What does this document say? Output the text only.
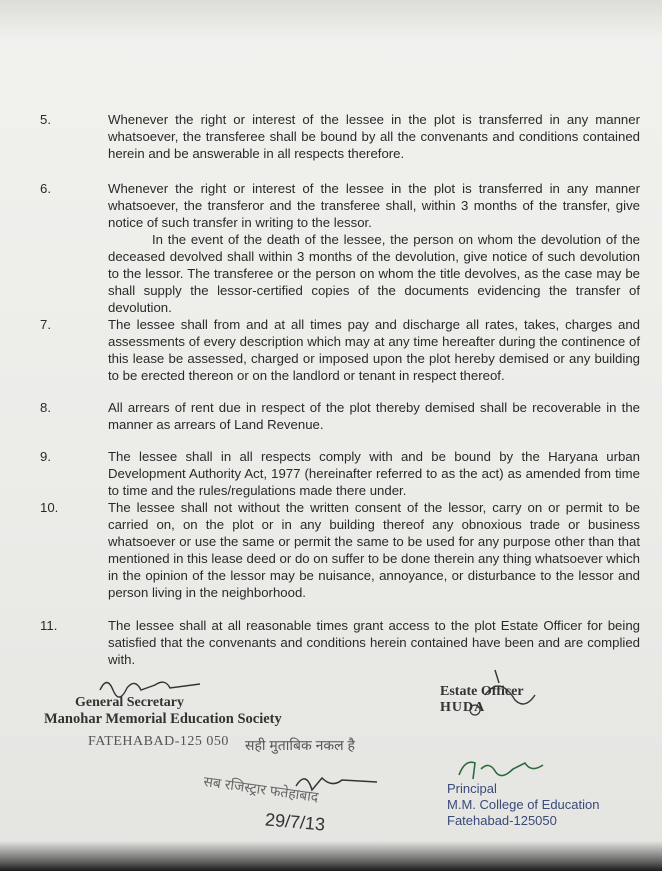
5.	Whenever the right or interest of the lessee in the plot is transferred in any manner whatsoever, the transferee shall be bound by all the convenants and conditions contained herein and be answerable in all respects therefore.

6.	Whenever the right or interest of the lessee in the plot is transferred in any manner whatsoever, the transferor and the transferee shall, within 3 months of the transfer, give notice of such transfer in writing to the lessor.

In the event of the death of the lessee, the person on whom the devolution of the deceased devolved shall within 3 months of the devolution, give notice of such devolution to the lessor. The transferee or the person on whom the title devolves, as the case may be shall supply the lessor-certified copies of the documents evidencing the transfer of devolution.

7.	The lessee shall from and at all times pay and discharge all rates, takes, charges and assessments of every description which may at any time hereafter during the continence of this lease be assessed, charged or imposed upon the plot hereby demised or any building to be erected thereon or on the landlord or tenant in respect thereof.

8.	All arrears of rent due in respect of the plot thereby demised shall be recoverable in the manner as arrears of Land Revenue.

9.	The lessee shall in all respects comply with and be bound by the Haryana urban Development Authority Act, 1977 (hereinafter referred to as the act) as amended from time to time and the rules/regulations made there under.

10.	The lessee shall not without the written consent of the lessor, carry on or permit to be carried on, on the plot or in any building thereof any obnoxious trade or business whatsoever or use the same or permit the same to be used for any purpose other than that mentioned in this lease deed or do on suffer to be done therein any thing whatsoever which in the opinion of the lessor may be nuisance, annoyance, or disturbance to the lessor and person living in the neighborhood.

11.	The lessee shall at all reasonable times grant access to the plot Estate Officer for being satisfied that the convenants and conditions herein contained have been and are complied with.

General Secretary
Manohar Memorial Education Society
FATEHABAD-125 050 सही मुताबिक नकल है
सब रजिस्ट्रार फतेहाबाद
29/7/13
Estate Officer
HUDA
Principal
M.M. College of Education
Fatehabad-125050
